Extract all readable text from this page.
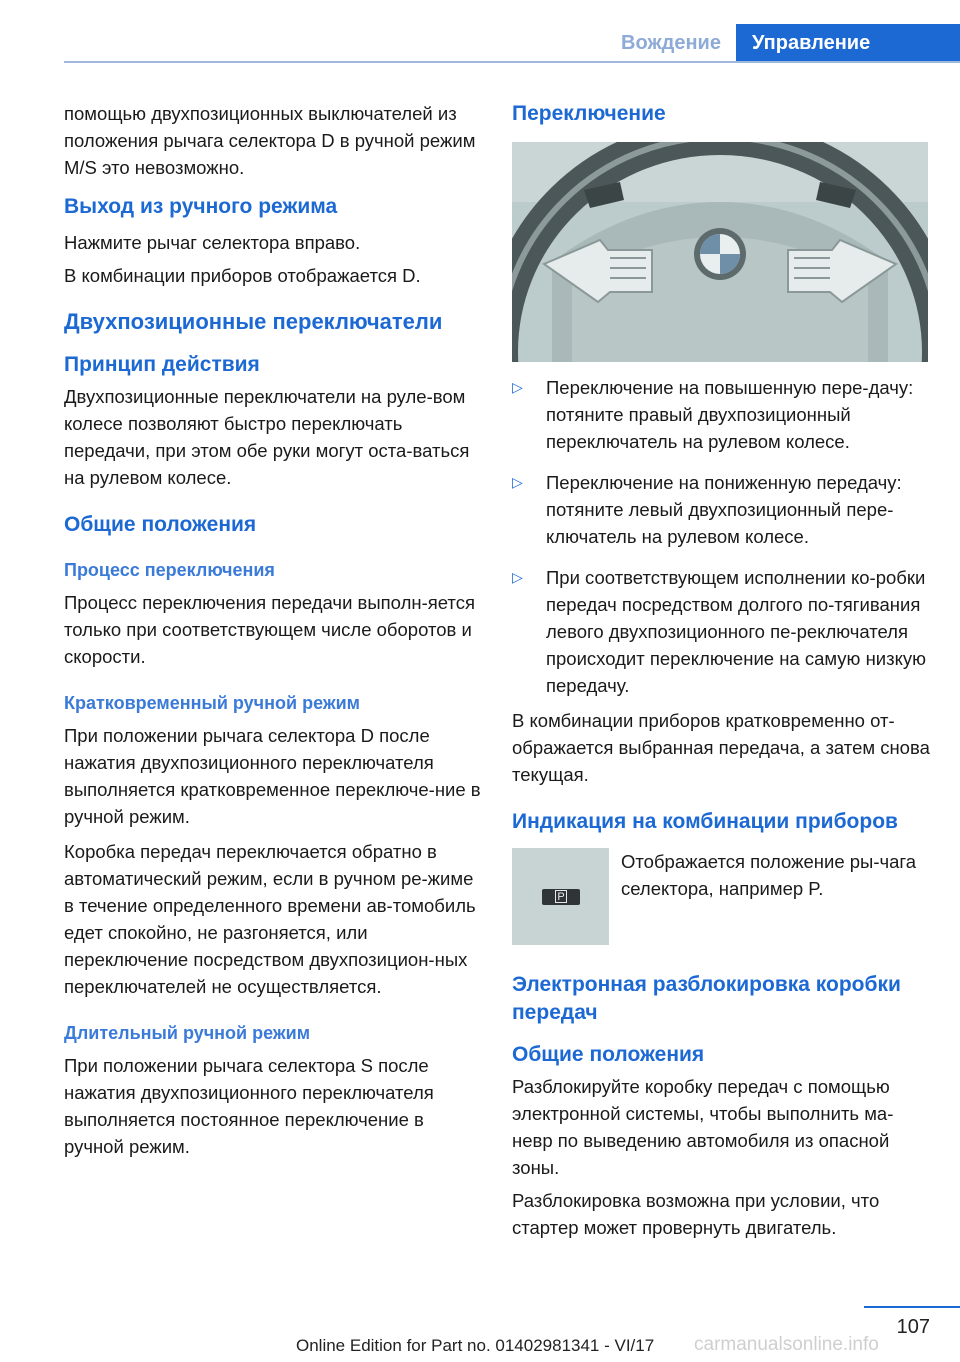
Вождение	Управление

помощью двухпозиционных выключателей из положения рычага селектора D в ручной режим M/S это невозможно.

Выход из ручного режима

Нажмите рычаг селектора вправо.

В комбинации приборов отображается D.

Двухпозиционные переключатели
Принцип действия

Двухпозиционные переключатели на руле-вом колесе позволяют быстро переключать передачи, при этом обе руки могут оста-ваться на рулевом колесе.

Общие положения
Процесс переключения

Процесс переключения передачи выполн-яется только при соответствующем числе оборотов и скорости.

Кратковременный ручной режим

При положении рычага селектора D после нажатия двухпозиционного переключателя выполняется кратковременное переключе-ние в ручной режим.

Коробка передач переключается обратно в автоматический режим, если в ручном ре-жиме в течение определенного времени ав-томобиль едет спокойно, не разгоняется, или переключение посредством двухпозицион-ных переключателей не осуществляется.

Длительный ручной режим

При положении рычага селектора S после нажатия двухпозиционного переключателя выполняется постоянное переключение в ручной режим.

Переключение
▷	Переключение на повышенную пере-дачу: потяните правый двухпозиционный переключатель на рулевом колесе.
▷	Переключение на пониженную передачу: потяните левый двухпозиционный пере-ключатель на рулевом колесе.
▷	При соответствующем исполнении ко-робки передач посредством долгого по-тягивания левого двухпозиционного пе-реключателя происходит переключение на самую низкую передачу.

В комбинации приборов кратковременно от-ображается выбранная передача, а затем снова текущая.

Индикация на комбинации приборов
P

Отображается положение ры-чага селектора, например P.

Электронная разблокировка коробки передач
Общие положения

Разблокируйте коробку передач с помощью электронной системы, чтобы выполнить ма-невр по выведению автомобиля из опасной зоны.

Разблокировка возможна при условии, что стартер может провернуть двигатель.

107
Online Edition for Part no. 01402981341 - VI/17	carmanualsonline.info
